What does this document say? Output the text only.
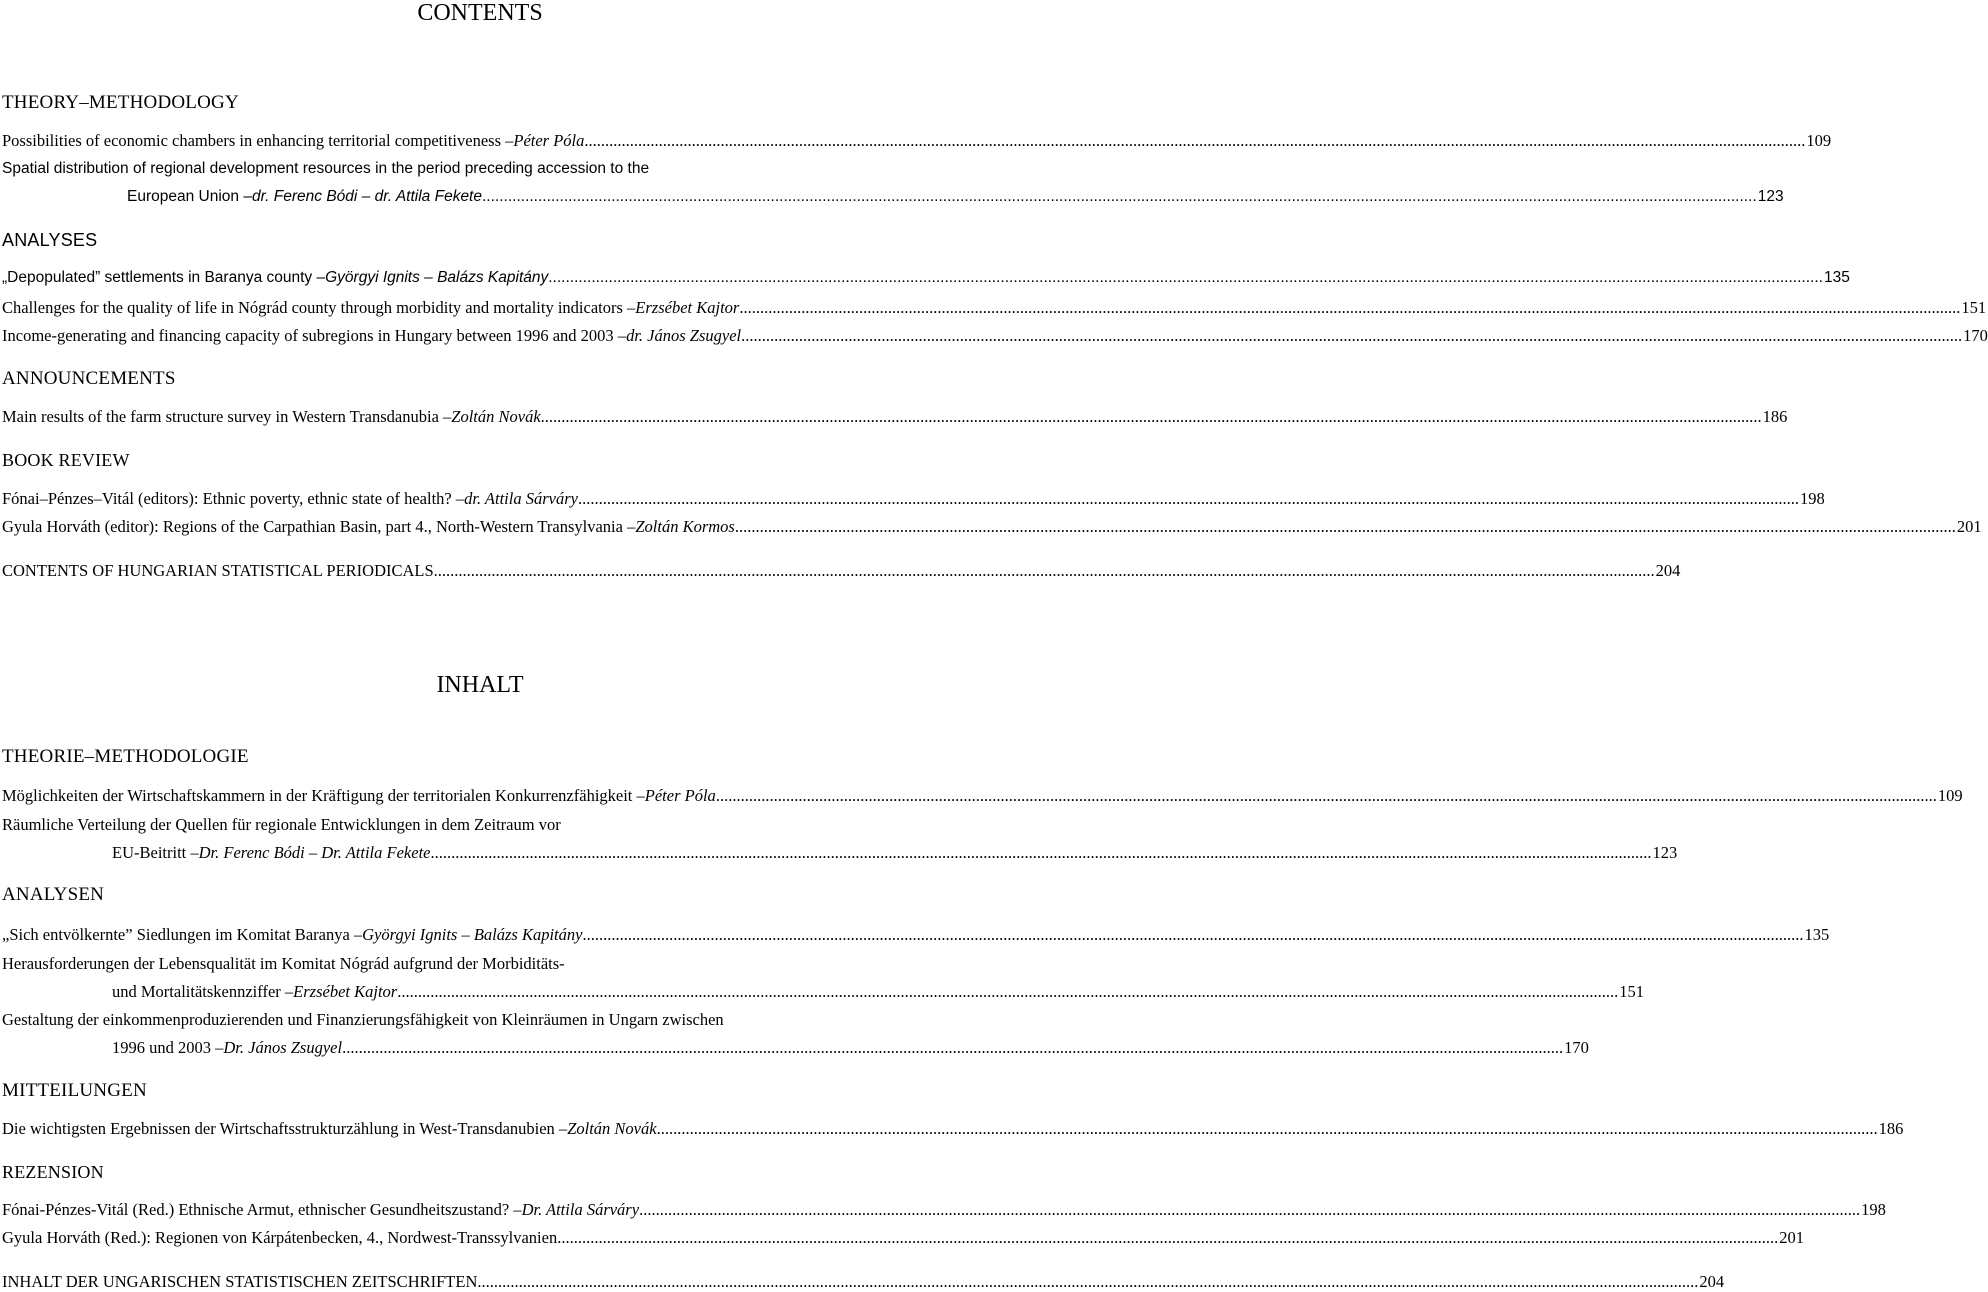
CONTENTS
THEORY–METHODOLOGY
Possibilities of economic chambers in enhancing territorial competitiveness – Péter Póla .....	109
Spatial distribution of regional development resources in the period preceding accession to the
European Union – dr. Ferenc Bódi – dr. Attila Fekete .....	123
ANALYSES
„Depopulated” settlements in Baranya county – Györgyi Ignits – Balázs Kapitány .....	135
Challenges for the quality of life in Nógrád county through morbidity and mortality indicators – Erzsébet Kajtor .....	151
Income-generating and financing capacity of subregions in Hungary between 1996 and 2003 – dr. János Zsugyel .....	170
ANNOUNCEMENTS
Main results of the farm structure survey in Western Transdanubia – Zoltán Novák .....	186
BOOK REVIEW
Fónai–Pénzes–Vitál (editors): Ethnic poverty, ethnic state of health? – dr. Attila Sárváry .....	198
Gyula Horváth (editor): Regions of the Carpathian Basin, part 4., North-Western Transylvania – Zoltán Kormos .....	201
CONTENTS OF HUNGARIAN STATISTICAL PERIODICALS .....	204
INHALT
THEORIE–METHODOLOGIE
Möglichkeiten der Wirtschaftskammern in der Kräftigung der territorialen Konkurrenzfähigkeit – Péter Póla .....	109
Räumliche Verteilung der Quellen für regionale Entwicklungen in dem Zeitraum vor
EU-Beitritt – Dr. Ferenc Bódi – Dr. Attila Fekete .....	123
ANALYSEN
„Sich entvölkernte” Siedlungen im Komitat Baranya – Györgyi Ignits – Balázs Kapitány .....	135
Herausforderungen der Lebensqualität im Komitat Nógrád aufgrund der Morbiditäts-
und Mortalitätskennziffer – Erzsébet Kajtor .....	151
Gestaltung der einkommenproduzierenden und Finanzierungsfähigkeit von Kleinräumen in Ungarn zwischen
1996 und 2003 – Dr. János Zsugyel .....	170
MITTEILUNGEN
Die wichtigsten Ergebnissen der Wirtschaftsstrukturzählung in West-Transdanubien – Zoltán Novák .....	186
REZENSION
Fónai-Pénzes-Vitál (Red.) Ethnische Armut, ethnischer Gesundheitszustand? – Dr. Attila Sárváry .....	198
Gyula Horváth (Red.): Regionen von Kárpátenbecken, 4., Nordwest-Transsylvanien .....	201
INHALT DER UNGARISCHEN STATISTISCHEN ZEITSCHRIFTEN .....	204
